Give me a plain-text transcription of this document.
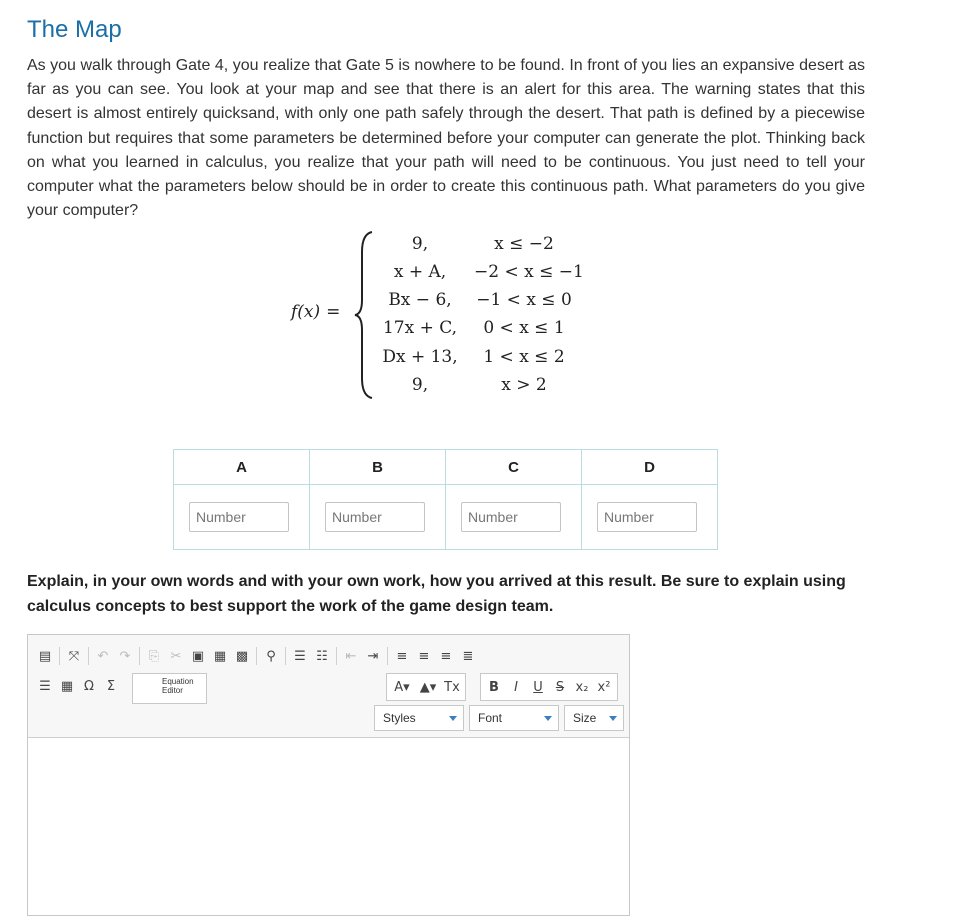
The Map

As you walk through Gate 4, you realize that Gate 5 is nowhere to be found. In front of you lies an expansive desert as far as you can see. You look at your map and see that there is an alert for this area. The warning states that this desert is almost entirely quicksand, with only one path safely through the desert. That path is defined by a piecewise function but requires that some parameters be determined before your computer can generate the plot. Thinking back on what you learned in calculus, you realize that your path will need to be continuous. You just need to tell your computer what the parameters below should be in order to create this continuous path. What parameters do you give your computer?

f(x) =
9,	x ≤ −2
x + A,	−2 < x ≤ −1
Bx − 6,	−1 < x ≤ 0
17x + C,	0 < x ≤ 1
Dx + 13,	1 < x ≤ 2
9,	x > 2
A	B	C	D
Number	Number	Number	Number

Explain, in your own words and with your own work, how you arrived at this result. Be sure to explain using calculus concepts to best support the work of the game design team.

▤	⤧	↶ ↷	⎘ ✂ ▣ ▦ ▩	⚲	☰ ☷	⇤ ⇥	≡ ≡ ≡ ≣
☰ ▦ Ω Σ	Equation
Editor	A▾ ▲▾ Tx	B	I	U	S x₂ x²
Styles	Font	Size
